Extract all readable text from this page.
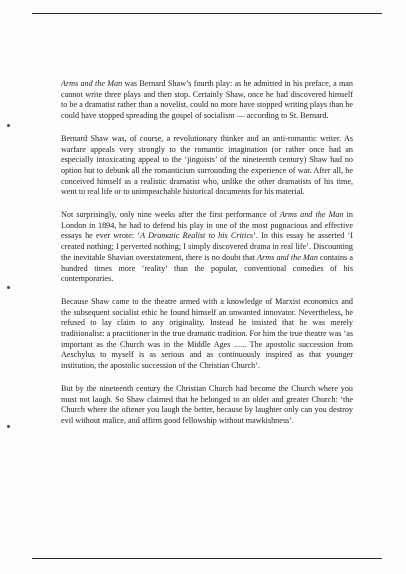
Arms and the Man was Bernard Shaw’s fourth play: as he admitted in his preface, a man cannot write three plays and then stop. Certainly Shaw, once he had discovered himself to be a dramatist rather than a novelist, could no more have stopped writing plays than he could have stopped spreading the gospel of socialism — according to St. Bernard.

Bernard Shaw was, of course, a revolutionary thinker and an anti-romantic writer. As warfare appeals very strongly to the romantic imagination (or rather once had an especially intoxicating appeal to the ‘jingoists’ of the nineteenth century) Shaw had no option but to debunk all the romanticism surrounding the experience of war. After all, he conceived himself as a realistic dramatist who, unlike the other dramatists of his time, went to real life or to unimpeachable historical documents for his material.

Not surprisingly, only nine weeks after the first performance of Arms and the Man in London in 1894, he had to defend his play in one of the most pugnacious and effective essays he ever wrote: ‘A Dramatic Realist to his Critics’. In this essay he asserted ‘I created nothing; I perverted nothing; I simply discovered drama in real life’. Discounting the inevitable Shavian overstatement, there is no doubt that Arms and the Man contains a hundred times more ‘reality’ than the popular, conventional comedies of his contemporaries.

Because Shaw came to the theatre armed with a knowledge of Marxist economics and the subsequent socialist ethic he found himself an unwanted innovator. Nevertheless, he refused to lay claim to any originality. Instead he insisted that he was merely traditionalist: a practitioner in the true dramatic tradition. For him the true theatre was ‘as important as the Church was in the Middle Ages ...... The apostolic succession from Aeschylus to myself is as serious and as continuously inspired as that younger institution, the apostolic succession of the Christian Church’.

But by the nineteenth century the Christian Church had become the Church where you must not laugh. So Shaw claimed that he belonged to an older and greater Church: ‘the Church where the oftener you laugh the better, because by laughter only can you destroy evil without malice, and affirm good fellowship without mawkishness’.
